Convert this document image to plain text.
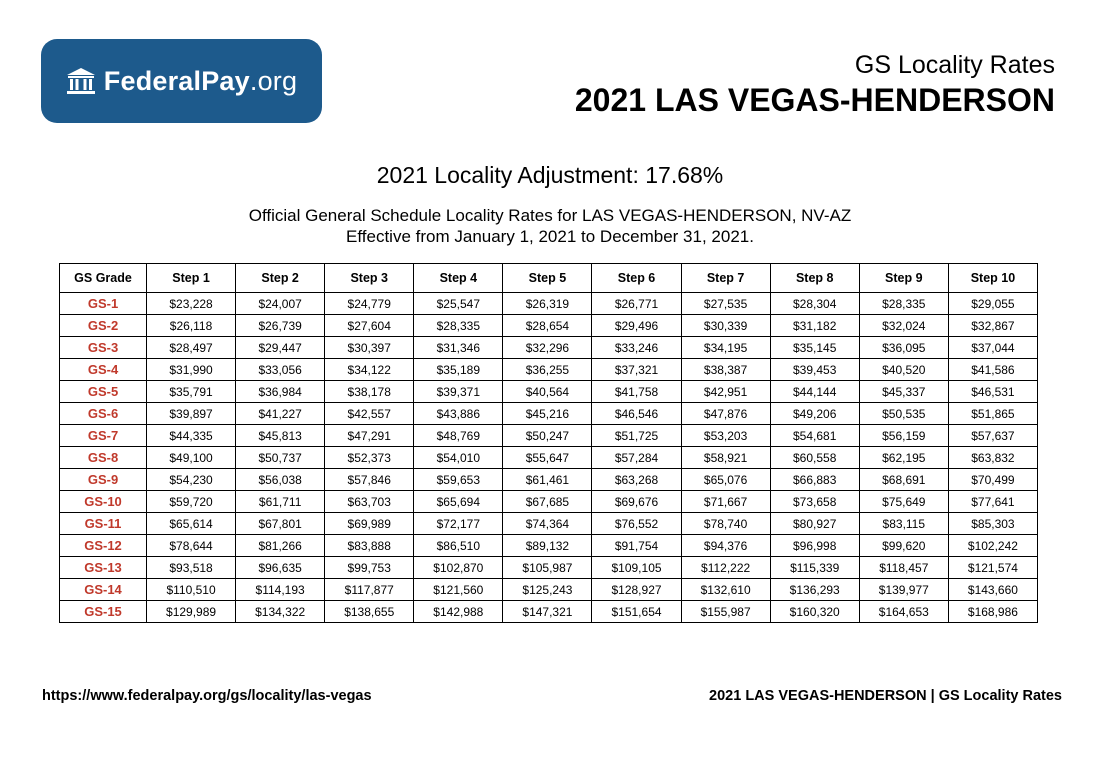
FederalPay.org
GS Locality Rates
2021 LAS VEGAS-HENDERSON
2021 Locality Adjustment: 17.68%
Official General Schedule Locality Rates for LAS VEGAS-HENDERSON, NV-AZ
Effective from January 1, 2021 to December 31, 2021.
GS Grade	Step 1	Step 2	Step 3	Step 4	Step 5	Step 6	Step 7	Step 8	Step 9	Step 10
GS-1	$23,228	$24,007	$24,779	$25,547	$26,319	$26,771	$27,535	$28,304	$28,335	$29,055
GS-2	$26,118	$26,739	$27,604	$28,335	$28,654	$29,496	$30,339	$31,182	$32,024	$32,867
GS-3	$28,497	$29,447	$30,397	$31,346	$32,296	$33,246	$34,195	$35,145	$36,095	$37,044
GS-4	$31,990	$33,056	$34,122	$35,189	$36,255	$37,321	$38,387	$39,453	$40,520	$41,586
GS-5	$35,791	$36,984	$38,178	$39,371	$40,564	$41,758	$42,951	$44,144	$45,337	$46,531
GS-6	$39,897	$41,227	$42,557	$43,886	$45,216	$46,546	$47,876	$49,206	$50,535	$51,865
GS-7	$44,335	$45,813	$47,291	$48,769	$50,247	$51,725	$53,203	$54,681	$56,159	$57,637
GS-8	$49,100	$50,737	$52,373	$54,010	$55,647	$57,284	$58,921	$60,558	$62,195	$63,832
GS-9	$54,230	$56,038	$57,846	$59,653	$61,461	$63,268	$65,076	$66,883	$68,691	$70,499
GS-10	$59,720	$61,711	$63,703	$65,694	$67,685	$69,676	$71,667	$73,658	$75,649	$77,641
GS-11	$65,614	$67,801	$69,989	$72,177	$74,364	$76,552	$78,740	$80,927	$83,115	$85,303
GS-12	$78,644	$81,266	$83,888	$86,510	$89,132	$91,754	$94,376	$96,998	$99,620	$102,242
GS-13	$93,518	$96,635	$99,753	$102,870	$105,987	$109,105	$112,222	$115,339	$118,457	$121,574
GS-14	$110,510	$114,193	$117,877	$121,560	$125,243	$128,927	$132,610	$136,293	$139,977	$143,660
GS-15	$129,989	$134,322	$138,655	$142,988	$147,321	$151,654	$155,987	$160,320	$164,653	$168,986
https://www.federalpay.org/gs/locality/las-vegas	2021 LAS VEGAS-HENDERSON | GS Locality Rates
